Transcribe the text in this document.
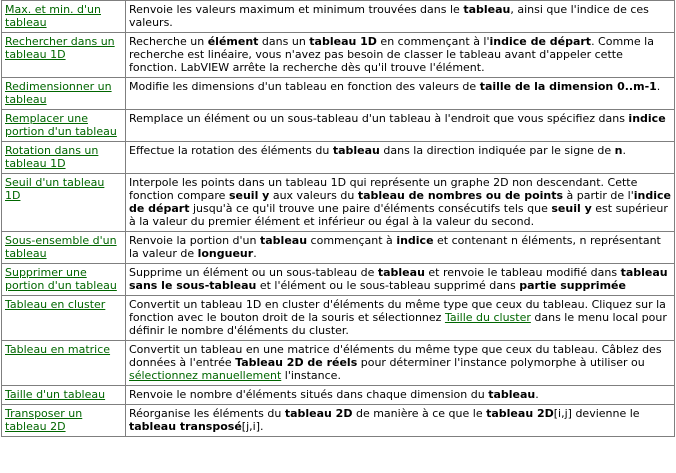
Max. et min. d'un tableau	Renvoie les valeurs maximum et minimum trouvées dans le tableau, ainsi que l'indice de ces valeurs.
Rechercher dans un tableau 1D	Recherche un élément dans un tableau 1D en commençant à l'indice de départ. Comme la recherche est linéaire, vous n'avez pas besoin de classer le tableau avant d'appeler cette fonction. LabVIEW arrête la recherche dès qu'il trouve l'élément.
Redimensionner un tableau	Modifie les dimensions d'un tableau en fonction des valeurs de taille de la dimension 0..m-1.
Remplacer une portion d'un tableau	Remplace un élément ou un sous-tableau d'un tableau à l'endroit que vous spécifiez dans indice
Rotation dans un tableau 1D	Effectue la rotation des éléments du tableau dans la direction indiquée par le signe de n.
Seuil d'un tableau 1D	Interpole les points dans un tableau 1D qui représente un graphe 2D non descendant. Cette fonction compare seuil y aux valeurs du tableau de nombres ou de points à partir de l'indice de départ jusqu'à ce qu'il trouve une paire d'éléments consécutifs tels que seuil y est supérieur à la valeur du premier élément et inférieur ou égal à la valeur du second.
Sous-ensemble d'un tableau	Renvoie la portion d'un tableau commençant à indice et contenant n éléments, n représentant la valeur de longueur.
Supprimer une portion d'un tableau	Supprime un élément ou un sous-tableau de tableau et renvoie le tableau modifié dans tableau sans le sous-tableau et l'élément ou le sous-tableau supprimé dans partie supprimée
Tableau en cluster	Convertit un tableau 1D en cluster d'éléments du même type que ceux du tableau. Cliquez sur la fonction avec le bouton droit de la souris et sélectionnez Taille du cluster dans le menu local pour définir le nombre d'éléments du cluster.
Tableau en matrice	Convertit un tableau en une matrice d'éléments du même type que ceux du tableau. Câblez des données à l'entrée Tableau 2D de réels pour déterminer l'instance polymorphe à utiliser ou sélectionnez manuellement l'instance.
Taille d'un tableau	Renvoie le nombre d'éléments situés dans chaque dimension du tableau.
Transposer un tableau 2D	Réorganise les éléments du tableau 2D de manière à ce que le tableau 2D[i,j] devienne le tableau transposé[j,i].
